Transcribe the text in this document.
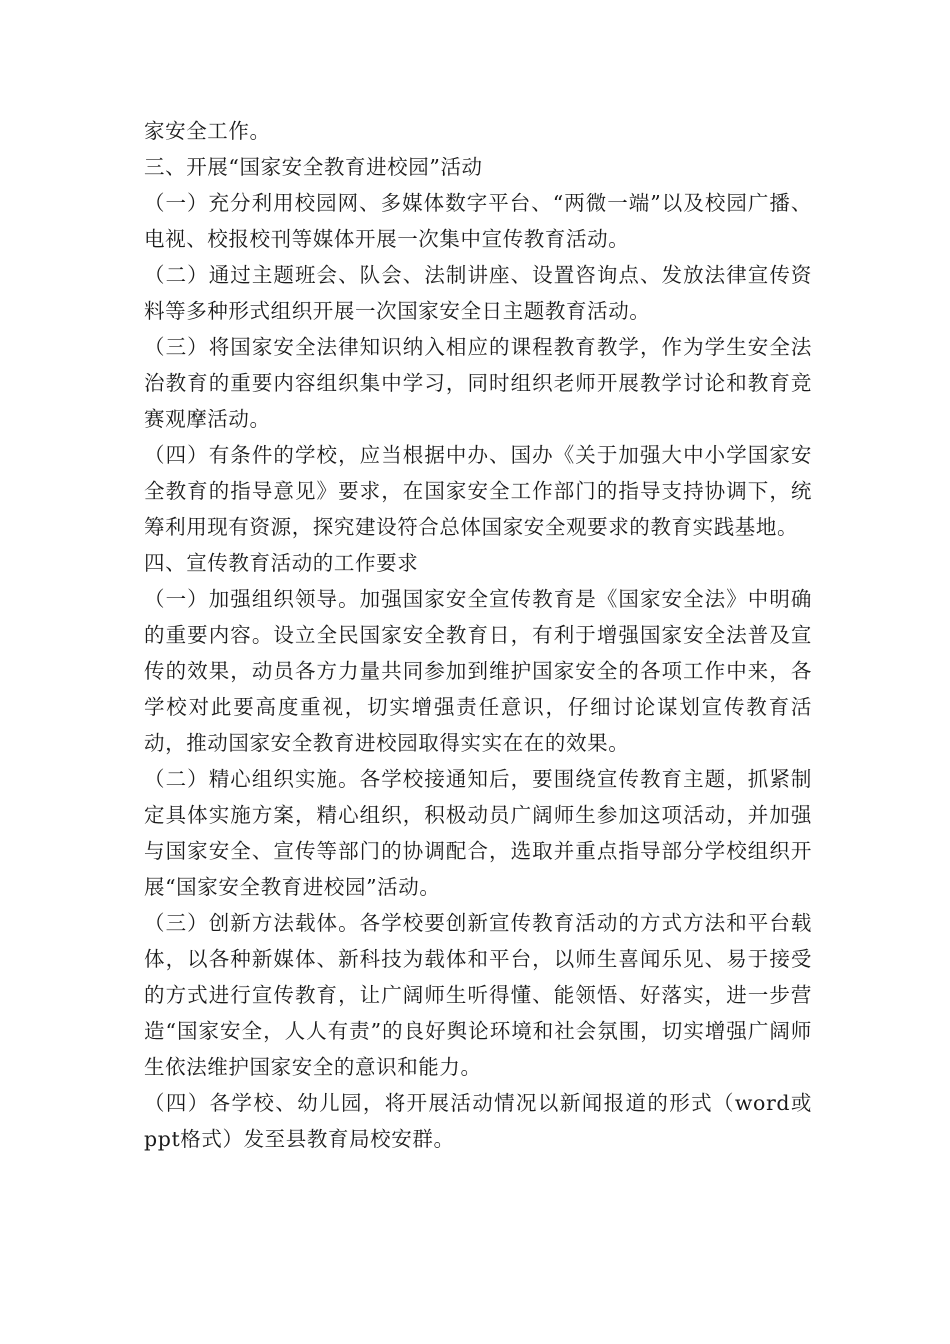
家安全工作。

三、开展“国家安全教育进校园”活动

（一）充分利用校园网、多媒体数字平台、“两微一端”以及校园广播、电视、校报校刊等媒体开展一次集中宣传教育活动。

（二）通过主题班会、队会、法制讲座、设置咨询点、发放法律宣传资料等多种形式组织开展一次国家安全日主题教育活动。

（三）将国家安全法律知识纳入相应的课程教育教学，作为学生安全法治教育的重要内容组织集中学习，同时组织老师开展教学讨论和教育竞赛观摩活动。

（四）有条件的学校，应当根据中办、国办《关于加强大中小学国家安全教育的指导意见》要求，在国家安全工作部门的指导支持协调下，统筹利用现有资源，探究建设符合总体国家安全观要求的教育实践基地。

四、宣传教育活动的工作要求

（一）加强组织领导。加强国家安全宣传教育是《国家安全法》中明确的重要内容。设立全民国家安全教育日，有利于增强国家安全法普及宣传的效果，动员各方力量共同参加到维护国家安全的各项工作中来，各学校对此要高度重视，切实增强责任意识，仔细讨论谋划宣传教育活动，推动国家安全教育进校园取得实实在在的效果。

（二）精心组织实施。各学校接通知后，要围绕宣传教育主题，抓紧制定具体实施方案，精心组织，积极动员广阔师生参加这项活动，并加强与国家安全、宣传等部门的协调配合，选取并重点指导部分学校组织开展“国家安全教育进校园”活动。

（三）创新方法载体。各学校要创新宣传教育活动的方式方法和平台载体，以各种新媒体、新科技为载体和平台，以师生喜闻乐见、易于接受的方式进行宣传教育，让广阔师生听得懂、能领悟、好落实，进一步营造“国家安全，人人有责”的良好舆论环境和社会氛围，切实增强广阔师生依法维护国家安全的意识和能力。

（四）各学校、幼儿园，将开展活动情况以新闻报道的形式（word或ppt格式）发至县教育局校安群。
